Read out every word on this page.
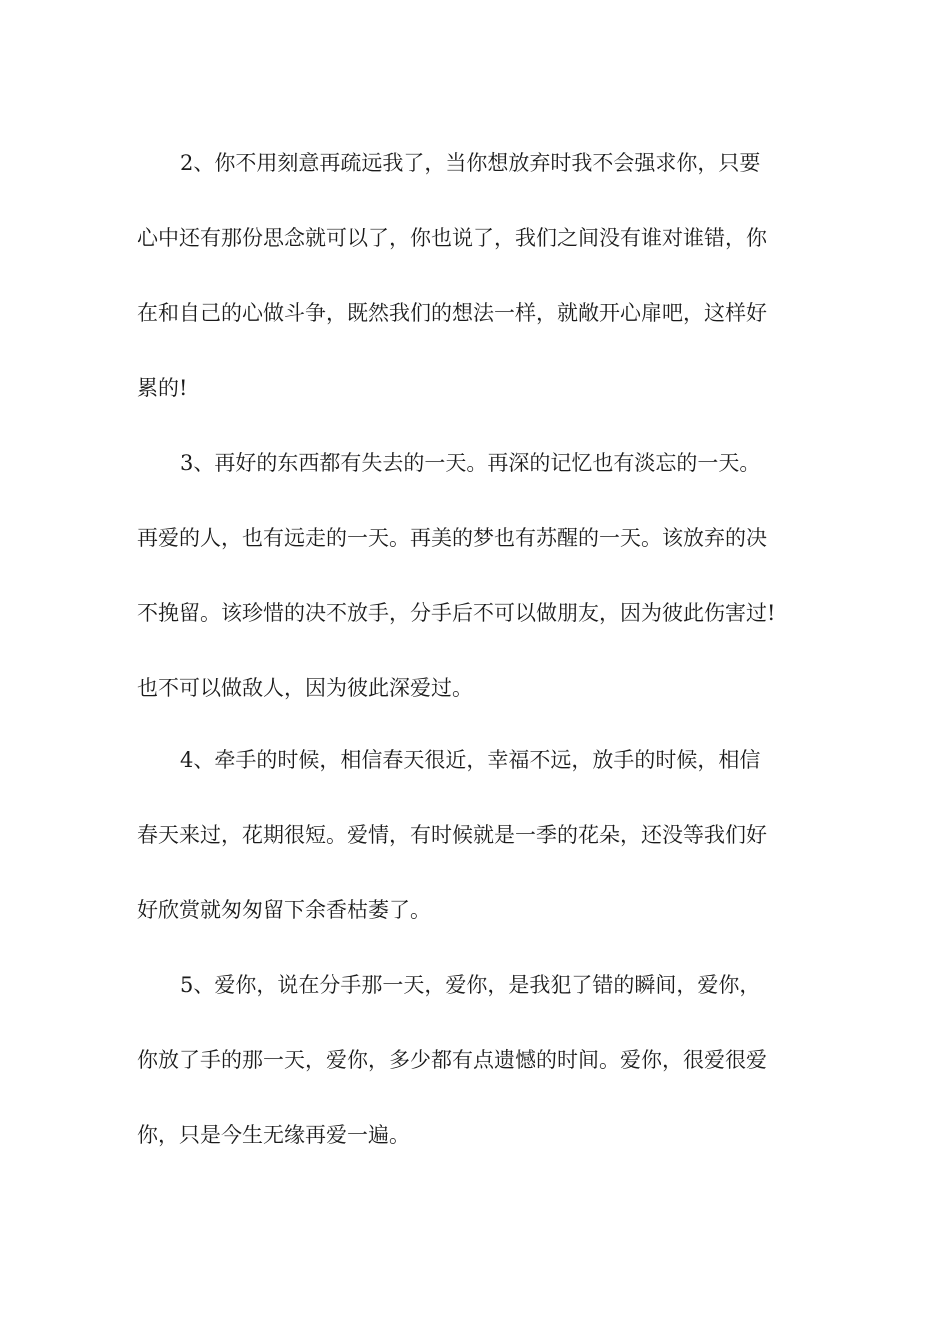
2、你不用刻意再疏远我了，当你想放弃时我不会强求你，只要
心中还有那份思念就可以了，你也说了，我们之间没有谁对谁错，你
在和自己的心做斗争，既然我们的想法一样，就敞开心扉吧，这样好
累的!
3、再好的东西都有失去的一天。再深的记忆也有淡忘的一天。
再爱的人，也有远走的一天。再美的梦也有苏醒的一天。该放弃的决
不挽留。该珍惜的决不放手，分手后不可以做朋友，因为彼此伤害过!
也不可以做敌人，因为彼此深爱过。
4、牵手的时候，相信春天很近，幸福不远，放手的时候，相信
春天来过，花期很短。爱情，有时候就是一季的花朵，还没等我们好
好欣赏就匆匆留下余香枯萎了。
5、爱你，说在分手那一天，爱你，是我犯了错的瞬间，爱你，
你放了手的那一天，爱你，多少都有点遗憾的时间。爱你，很爱很爱
你，只是今生无缘再爱一遍。
